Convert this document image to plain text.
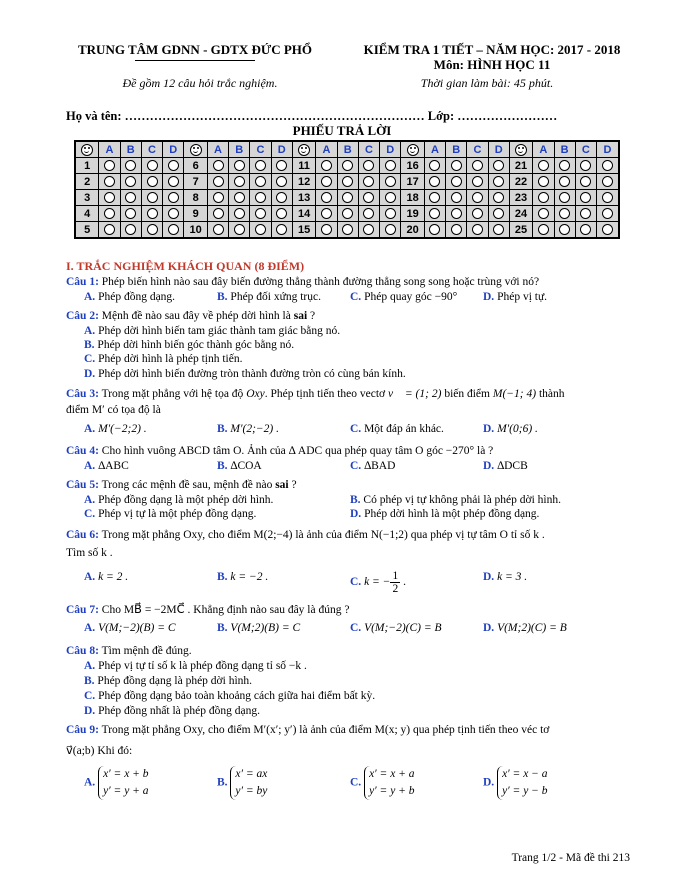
TRUNG TÂM GDNN - GDTX ĐỨC PHỔ	KIỂM TRA 1 TIẾT – NĂM HỌC: 2017 - 2018
Môn: HÌNH HỌC 11
Đề gồm 12 câu hỏi trắc nghiệm.	Thời gian làm bài: 45 phút.
Họ và tên: ……………………………………………………………… Lớp: ……………………
PHIẾU TRẢ LỜI
	A	B	C	D		A	B	C	D		A	B	C	D		A	B	C	D		A	B	C	D
1					6					11					16					21				
2					7					12					17					22				
3					8					13					18					23				
4					9					14					19					24				
5					10					15					20					25				
I. TRẮC NGHIỆM KHÁCH QUAN (8 ĐIỂM)
Câu 1: Phép biến hình nào sau đây biến đường thẳng thành đường thẳng song song hoặc trùng với nó?
A. Phép đồng dạng.	B. Phép đối xứng trục.	C. Phép quay góc −90° D. Phép vị tự.
Câu 2: Mệnh đề nào sau đây về phép dời hình là sai ?
A. Phép dời hình biến tam giác thành tam giác bằng nó.
B. Phép dời hình biến góc thành góc bằng nó.
C. Phép dời hình là phép tịnh tiến.
D. Phép dời hình biến đường tròn thành đường tròn có cùng bán kính.
Câu 3: Trong mặt phẳng với hệ tọa độ Oxy. Phép tịnh tiến theo vectơ v⃗ = (1; 2) biến điểm M(−1; 4) thành
điểm M′ có tọa độ là
A. M′(−2;2) .	B. M′(2;−2) .	C. Một đáp án khác.	D. M′(0;6) .
Câu 4: Cho hình vuông ABCD tâm O. Ảnh của ∆ ADC qua phép quay tâm O góc −270° là ?
A. ∆ABC	B. ∆COA	C. ∆BAD	D. ∆DCB
Câu 5: Trong các mệnh đề sau, mệnh đề nào sai ?
A. Phép đồng dạng là một phép dời hình.	B. Có phép vị tự không phải là phép dời hình.
C. Phép vị tự là một phép đồng dạng.	D. Phép dời hình là một phép đồng dạng.
Câu 6: Trong mặt phẳng Oxy, cho điểm M(2;−4) là ảnh của điểm N(−1;2) qua phép vị tự tâm O tỉ số k .
Tìm số k .
A. k = 2 .	B. k = −2 .	C. k = − $\frac{1}{2}$ .	D. k = 3 .
Câu 7: Cho MB⃗ = −2MC⃗ . Khẳng định nào sau đây là đúng ?
A. V(M;−2)(B) = C	B. V(M;2)(B) = C	C. V(M;−2)(C) = B	D. V(M;2)(C) = B
Câu 8: Tìm mệnh đề đúng.
A. Phép vị tự tỉ số k là phép đồng dạng tỉ số −k .
B. Phép đồng dạng là phép dời hình.
C. Phép đồng dạng bảo toàn khoảng cách giữa hai điểm bất kỳ.
D. Phép đồng nhất là phép đồng dạng.
Câu 9: Trong mặt phẳng Oxy, cho điểm M′(x′; y′) là ảnh của điểm M(x; y) qua phép tịnh tiến theo véc tơ
v⃗(a;b) Khi đó:
A.
x′ = x + b
y′ = y + a
B.
x′ = ax
y′ = by
C.
x′ = x + a
y′ = y + b
D.
x′ = x − a
y′ = y − b
Trang 1/2 - Mã đề thi 213
